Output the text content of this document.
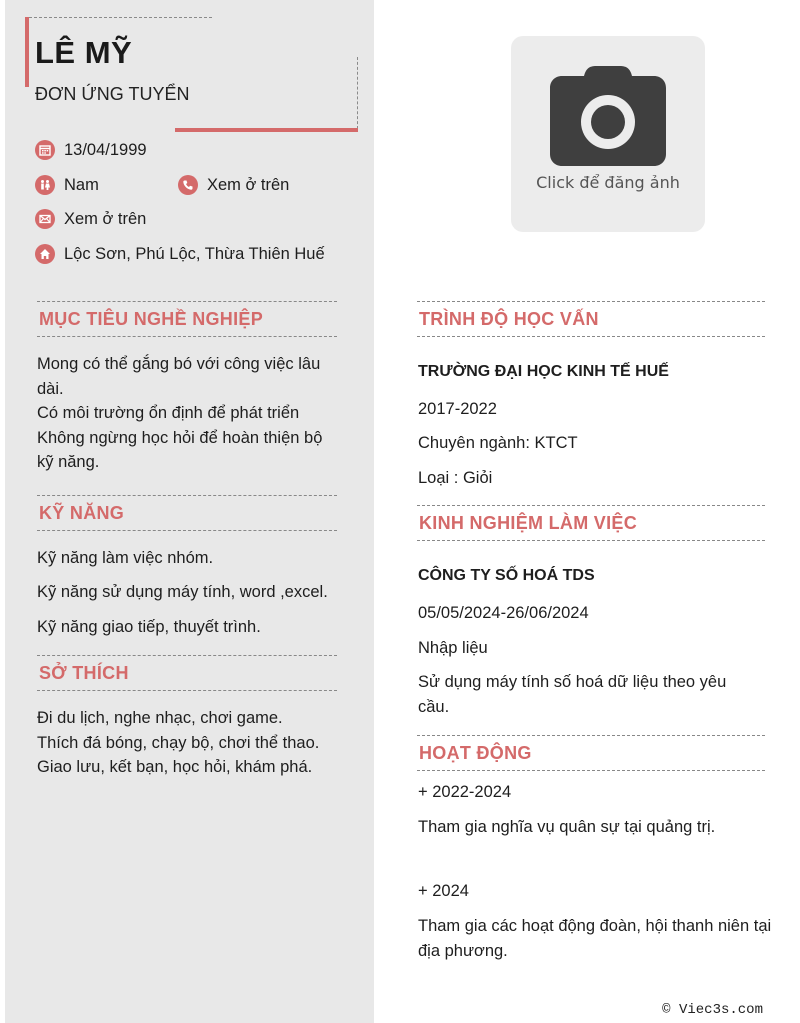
LÊ MỸ
ĐƠN ỨNG TUYỂN
13/04/1999
Nam	Xem ở trên
Xem ở trên
Lộc Sơn, Phú Lộc, Thừa Thiên Huế
MỤC TIÊU NGHỀ NGHIỆP
Mong có thể gắng bó với công việc lâu dài.
Có môi trường ổn định để phát triển
Không ngừng học hỏi để hoàn thiện bộ kỹ năng.
KỸ NĂNG
Kỹ năng làm việc nhóm.
Kỹ năng sử dụng máy tính, word ,excel.
Kỹ năng giao tiếp, thuyết trình.
SỞ THÍCH
Đi du lịch, nghe nhạc, chơi game.
Thích đá bóng, chạy bộ, chơi thể thao.
Giao lưu, kết bạn, học hỏi, khám phá.
Click để đăng ảnh
TRÌNH ĐỘ HỌC VẤN
TRƯỜNG ĐẠI HỌC KINH TẾ HUẾ
2017-2022
Chuyên ngành: KTCT
Loại : Giỏi
KINH NGHIỆM LÀM VIỆC
CÔNG TY SỐ HOÁ TDS
05/05/2024-26/06/2024
Nhập liệu
Sử dụng máy tính số hoá dữ liệu theo yêu cầu.
HOẠT ĐỘNG
+ 2022-2024
Tham gia nghĩa vụ quân sự tại quảng trị.
+ 2024
Tham gia các hoạt động đoàn, hội thanh niên tại địa phương.
© Viec3s.com
